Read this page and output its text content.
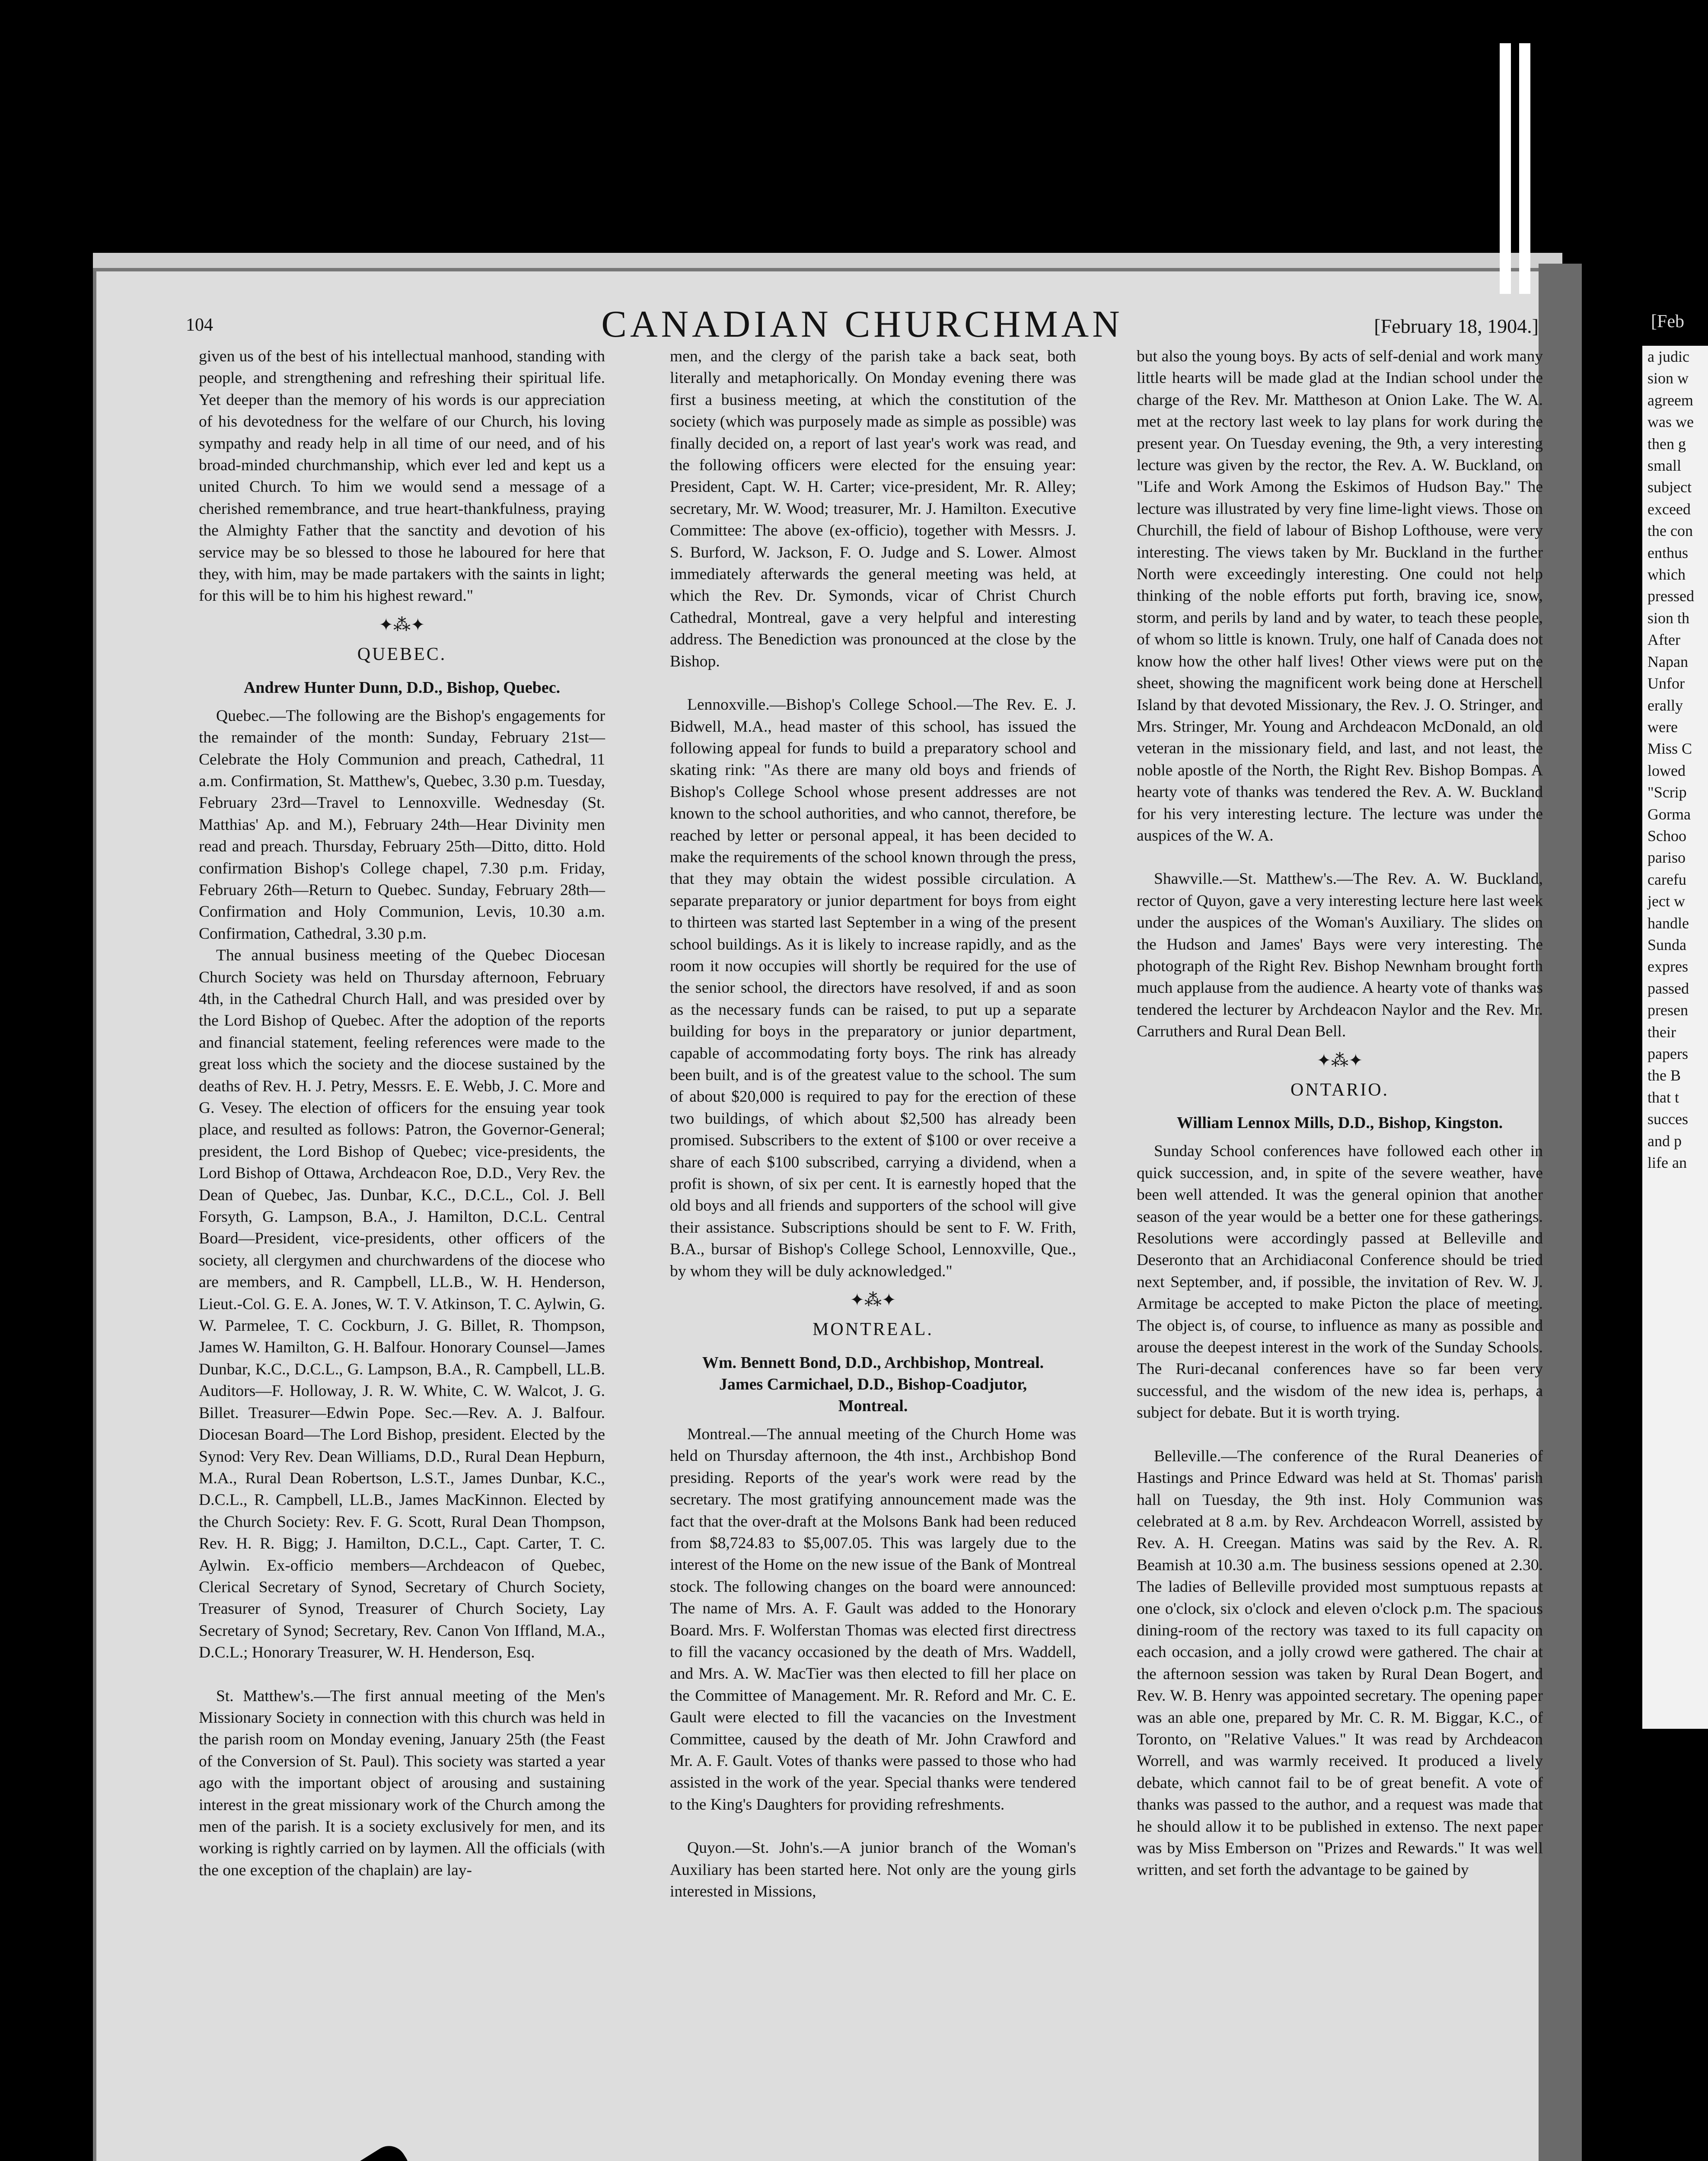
104	CANADIAN CHURCHMAN	[February 18, 1904.]

given us of the best of his intellectual manhood, standing with people, and strengthening and refreshing their spiritual life. Yet deeper than the memory of his words is our appreciation of his devotedness for the welfare of our Church, his loving sympathy and ready help in all time of our need, and of his broad-minded churchmanship, which ever led and kept us a united Church. To him we would send a message of a cherished remembrance, and true heart-thankfulness, praying the Almighty Father that the sanctity and devotion of his service may be so blessed to those he laboured for here that they, with him, may be made partakers with the saints in light; for this will be to him his highest reward."

✦⁂✦
QUEBEC.
Andrew Hunter Dunn, D.D., Bishop, Quebec.

Quebec.—The following are the Bishop's engagements for the remainder of the month: Sunday, February 21st—Celebrate the Holy Communion and preach, Cathedral, 11 a.m. Confirmation, St. Matthew's, Quebec, 3.30 p.m. Tuesday, February 23rd—Travel to Lennoxville. Wednesday (St. Matthias' Ap. and M.), February 24th—Hear Divinity men read and preach. Thursday, February 25th—Ditto, ditto. Hold confirmation Bishop's College chapel, 7.30 p.m. Friday, February 26th—Return to Quebec. Sunday, February 28th—Confirmation and Holy Communion, Levis, 10.30 a.m. Confirmation, Cathedral, 3.30 p.m.

The annual business meeting of the Quebec Diocesan Church Society was held on Thursday afternoon, February 4th, in the Cathedral Church Hall, and was presided over by the Lord Bishop of Quebec. After the adoption of the reports and financial statement, feeling references were made to the great loss which the society and the diocese sustained by the deaths of Rev. H. J. Petry, Messrs. E. E. Webb, J. C. More and G. Vesey. The election of officers for the ensuing year took place, and resulted as follows: Patron, the Governor-General; president, the Lord Bishop of Quebec; vice-presidents, the Lord Bishop of Ottawa, Archdeacon Roe, D.D., Very Rev. the Dean of Quebec, Jas. Dunbar, K.C., D.C.L., Col. J. Bell Forsyth, G. Lampson, B.A., J. Hamilton, D.C.L. Central Board—President, vice-presidents, other officers of the society, all clergymen and churchwardens of the diocese who are members, and R. Campbell, LL.B., W. H. Henderson, Lieut.-Col. G. E. A. Jones, W. T. V. Atkinson, T. C. Aylwin, G. W. Parmelee, T. C. Cockburn, J. G. Billet, R. Thompson, James W. Hamilton, G. H. Balfour. Honorary Counsel—James Dunbar, K.C., D.C.L., G. Lampson, B.A., R. Campbell, LL.B. Auditors—F. Holloway, J. R. W. White, C. W. Walcot, J. G. Billet. Treasurer—Edwin Pope. Sec.—Rev. A. J. Balfour. Diocesan Board—The Lord Bishop, president. Elected by the Synod: Very Rev. Dean Williams, D.D., Rural Dean Hepburn, M.A., Rural Dean Robertson, L.S.T., James Dunbar, K.C., D.C.L., R. Campbell, LL.B., James MacKinnon. Elected by the Church Society: Rev. F. G. Scott, Rural Dean Thompson, Rev. H. R. Bigg; J. Hamilton, D.C.L., Capt. Carter, T. C. Aylwin. Ex-officio members—Archdeacon of Quebec, Clerical Secretary of Synod, Secretary of Church Society, Treasurer of Synod, Treasurer of Church Society, Lay Secretary of Synod; Secretary, Rev. Canon Von Iffland, M.A., D.C.L.; Honorary Treasurer, W. H. Henderson, Esq.

St. Matthew's.—The first annual meeting of the Men's Missionary Society in connection with this church was held in the parish room on Monday evening, January 25th (the Feast of the Conversion of St. Paul). This society was started a year ago with the important object of arousing and sustaining interest in the great missionary work of the Church among the men of the parish. It is a society exclusively for men, and its working is rightly carried on by laymen. All the officials (with the one exception of the chaplain) are lay-

men, and the clergy of the parish take a back seat, both literally and metaphorically. On Monday evening there was first a business meeting, at which the constitution of the society (which was purposely made as simple as possible) was finally decided on, a report of last year's work was read, and the following officers were elected for the ensuing year: President, Capt. W. H. Carter; vice-president, Mr. R. Alley; secretary, Mr. W. Wood; treasurer, Mr. J. Hamilton. Executive Committee: The above (ex-officio), together with Messrs. J. S. Burford, W. Jackson, F. O. Judge and S. Lower. Almost immediately afterwards the general meeting was held, at which the Rev. Dr. Symonds, vicar of Christ Church Cathedral, Montreal, gave a very helpful and interesting address. The Benediction was pronounced at the close by the Bishop.

Lennoxville.—Bishop's College School.—The Rev. E. J. Bidwell, M.A., head master of this school, has issued the following appeal for funds to build a preparatory school and skating rink: "As there are many old boys and friends of Bishop's College School whose present addresses are not known to the school authorities, and who cannot, therefore, be reached by letter or personal appeal, it has been decided to make the requirements of the school known through the press, that they may obtain the widest possible circulation. A separate preparatory or junior department for boys from eight to thirteen was started last September in a wing of the present school buildings. As it is likely to increase rapidly, and as the room it now occupies will shortly be required for the use of the senior school, the directors have resolved, if and as soon as the necessary funds can be raised, to put up a separate building for boys in the preparatory or junior department, capable of accommodating forty boys. The rink has already been built, and is of the greatest value to the school. The sum of about $20,000 is required to pay for the erection of these two buildings, of which about $2,500 has already been promised. Subscribers to the extent of $100 or over receive a share of each $100 subscribed, carrying a dividend, when a profit is shown, of six per cent. It is earnestly hoped that the old boys and all friends and supporters of the school will give their assistance. Subscriptions should be sent to F. W. Frith, B.A., bursar of Bishop's College School, Lennoxville, Que., by whom they will be duly acknowledged."

✦⁂✦
MONTREAL.
Wm. Bennett Bond, D.D., Archbishop, Montreal.
James Carmichael, D.D., Bishop-Coadjutor,
Montreal.

Montreal.—The annual meeting of the Church Home was held on Thursday afternoon, the 4th inst., Archbishop Bond presiding. Reports of the year's work were read by the secretary. The most gratifying announcement made was the fact that the over-draft at the Molsons Bank had been reduced from $8,724.83 to $5,007.05. This was largely due to the interest of the Home on the new issue of the Bank of Montreal stock. The following changes on the board were announced: The name of Mrs. A. F. Gault was added to the Honorary Board. Mrs. F. Wolferstan Thomas was elected first directress to fill the vacancy occasioned by the death of Mrs. Waddell, and Mrs. A. W. MacTier was then elected to fill her place on the Committee of Management. Mr. R. Reford and Mr. C. E. Gault were elected to fill the vacancies on the Investment Committee, caused by the death of Mr. John Crawford and Mr. A. F. Gault. Votes of thanks were passed to those who had assisted in the work of the year. Special thanks were tendered to the King's Daughters for providing refreshments.

Quyon.—St. John's.—A junior branch of the Woman's Auxiliary has been started here. Not only are the young girls interested in Missions,

but also the young boys. By acts of self-denial and work many little hearts will be made glad at the Indian school under the charge of the Rev. Mr. Mattheson at Onion Lake. The W. A. met at the rectory last week to lay plans for work during the present year. On Tuesday evening, the 9th, a very interesting lecture was given by the rector, the Rev. A. W. Buckland, on "Life and Work Among the Eskimos of Hudson Bay." The lecture was illustrated by very fine lime-light views. Those on Churchill, the field of labour of Bishop Lofthouse, were very interesting. The views taken by Mr. Buckland in the further North were exceedingly interesting. One could not help thinking of the noble efforts put forth, braving ice, snow, storm, and perils by land and by water, to teach these people, of whom so little is known. Truly, one half of Canada does not know how the other half lives! Other views were put on the sheet, showing the magnificent work being done at Herschell Island by that devoted Missionary, the Rev. J. O. Stringer, and Mrs. Stringer, Mr. Young and Archdeacon McDonald, an old veteran in the missionary field, and last, and not least, the noble apostle of the North, the Right Rev. Bishop Bompas. A hearty vote of thanks was tendered the Rev. A. W. Buckland for his very interesting lecture. The lecture was under the auspices of the W. A.

Shawville.—St. Matthew's.—The Rev. A. W. Buckland, rector of Quyon, gave a very interesting lecture here last week under the auspices of the Woman's Auxiliary. The slides on the Hudson and James' Bays were very interesting. The photograph of the Right Rev. Bishop Newnham brought forth much applause from the audience. A hearty vote of thanks was tendered the lecturer by Archdeacon Naylor and the Rev. Mr. Carruthers and Rural Dean Bell.

✦⁂✦
ONTARIO.
William Lennox Mills, D.D., Bishop, Kingston.

Sunday School conferences have followed each other in quick succession, and, in spite of the severe weather, have been well attended. It was the general opinion that another season of the year would be a better one for these gatherings. Resolutions were accordingly passed at Belleville and Deseronto that an Archidiaconal Conference should be tried next September, and, if possible, the invitation of Rev. W. J. Armitage be accepted to make Picton the place of meeting. The object is, of course, to influence as many as possible and arouse the deepest interest in the work of the Sunday Schools. The Ruri-decanal conferences have so far been very successful, and the wisdom of the new idea is, perhaps, a subject for debate. But it is worth trying.

Belleville.—The conference of the Rural Deaneries of Hastings and Prince Edward was held at St. Thomas' parish hall on Tuesday, the 9th inst. Holy Communion was celebrated at 8 a.m. by Rev. Archdeacon Worrell, assisted by Rev. A. H. Creegan. Matins was said by the Rev. A. R. Beamish at 10.30 a.m. The business sessions opened at 2.30. The ladies of Belleville provided most sumptuous repasts at one o'clock, six o'clock and eleven o'clock p.m. The spacious dining-room of the rectory was taxed to its full capacity on each occasion, and a jolly crowd were gathered. The chair at the afternoon session was taken by Rural Dean Bogert, and Rev. W. B. Henry was appointed secretary. The opening paper was an able one, prepared by Mr. C. R. M. Biggar, K.C., of Toronto, on "Relative Values." It was read by Archdeacon Worrell, and was warmly received. It produced a lively debate, which cannot fail to be of great benefit. A vote of thanks was passed to the author, and a request was made that he should allow it to be published in extenso. The next paper was by Miss Emberson on "Prizes and Rewards." It was well written, and set forth the advantage to be gained by

[Feb
a judic
sion w
agreem
was we
then g
small
subject
exceed
the con
enthus
which
pressed
sion th
After
Napan
Unfor
erally
were
Miss C
lowed
"Scrip
Gorma
Schoo
pariso
carefu
ject w
handle
Sunda
expres
passed
presen
their
papers
the B
that t
succes
and p
life an
